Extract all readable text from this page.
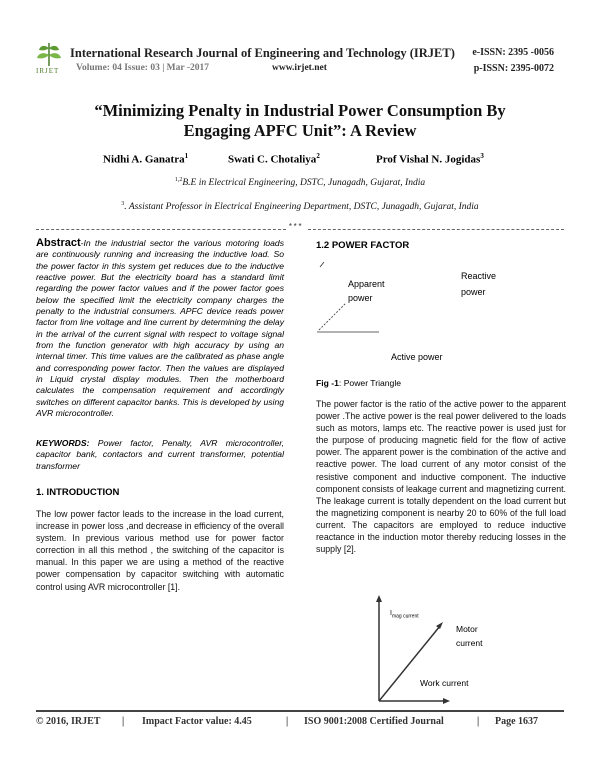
IRJET
International Research Journal of Engineering and Technology (IRJET)
Volume: 04 Issue: 03 | Mar -2017	www.irjet.net
e-ISSN: 2395 -0056
p-ISSN: 2395-0072
“Minimizing Penalty in Industrial Power Consumption By
Engaging APFC Unit”: A Review
Nidhi A. Ganatra$^1$	Swati C. Chotaliya$^2$	Prof Vishal N. Jogidas$^3$
$^{1,2}$B.E in Electrical Engineering, DSTC, Junagadh, Gujarat, India
$^3$. Assistant Professor in Electrical Engineering Department, DSTC, Junagadh, Gujarat, India
***
Abstract-In the industrial sector the various motoring loads are continuously running and increasing the inductive load. So the power factor in this system get reduces due to the inductive reactive power. But the electricity board has a standard limit regarding the power factor values and if the power factor goes below the specified limit the electricity company charges the penalty to the industrial consumers. APFC device reads power factor from line voltage and line current by determining the delay in the arrival of the current signal with respect to voltage signal from the function generator with high accuracy by using an internal timer. This time values are the calibrated as phase angle and corresponding power factor. Then the values are displayed in Liquid crystal display modules. Then the motherboard calculates the compensation requirement and accordingly switches on different capacitor banks. This is developed by using AVR microcontroller.
KEYWORDS: Power factor, Penalty, AVR microcontroller, capacitor bank, contactors and current transformer, potential transformer
1. INTRODUCTION
The low power factor leads to the increase in the load current, increase in power loss ,and decrease in efficiency of the overall system. In previous various method use for power factor correction in all this method , the switching of the capacitor is manual. In this paper we are using a method of the reactive power compensation by capacitor switching with automatic control using AVR microcontroller [1].
1.2 POWER FACTOR
Apparent
power
Reactive
power
Active power
Fig -1: Power Triangle
The power factor is the ratio of the active power to the apparent power .The active power is the real power delivered to the loads such as motors, lamps etc. The reactive power is used just for the purpose of producing magnetic field for the flow of active power. The apparent power is the combination of the active and reactive power. The load current of any motor consist of the resistive component and inductive component. The inductive component consists of leakage current and magnetizing current. The leakage current is totally dependent on the load current but the magnetizing component is nearby 20 to 60% of the full load current. The capacitors are employed to reduce inductive reactance in the induction motor thereby reducing losses in the supply [2].
$I_{mag current}$
Motor
current
Work current
© 2016, IRJET | Impact Factor value: 4.45	| ISO 9001:2008 Certified Journal	| Page 1637
